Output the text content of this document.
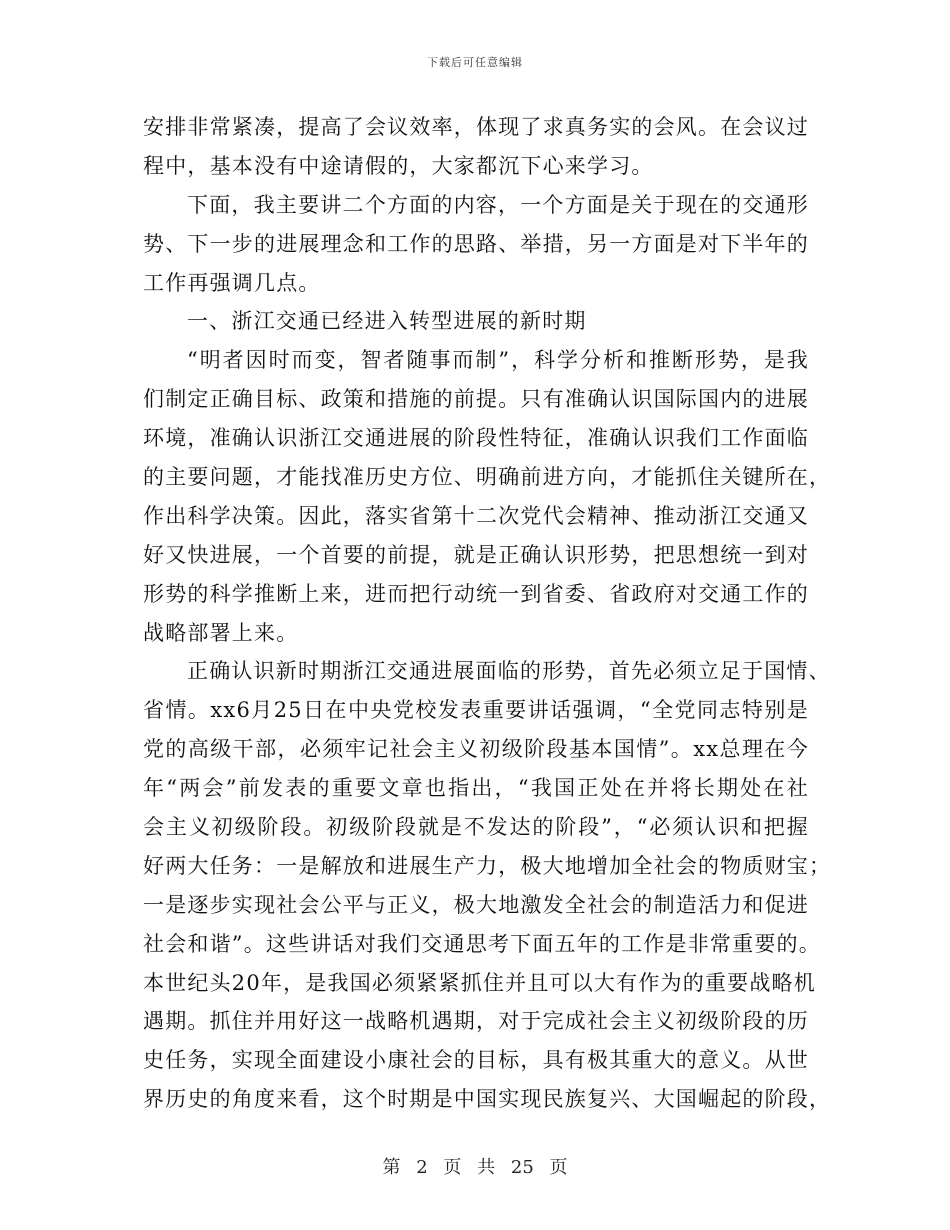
下载后可任意编辑
安排非常紧凑，提高了会议效率，体现了求真务实的会风。在会议过
程中，基本没有中途请假的，大家都沉下心来学习。
下面，我主要讲二个方面的内容，一个方面是关于现在的交通形
势、下一步的进展理念和工作的思路、举措，另一方面是对下半年的
工作再强调几点。
一、浙江交通已经进入转型进展的新时期
“明者因时而变，智者随事而制”，科学分析和推断形势，是我
们制定正确目标、政策和措施的前提。只有准确认识国际国内的进展
环境，准确认识浙江交通进展的阶段性特征，准确认识我们工作面临
的主要问题，才能找准历史方位、明确前进方向，才能抓住关键所在，
作出科学决策。因此，落实省第十二次党代会精神、推动浙江交通又
好又快进展，一个首要的前提，就是正确认识形势，把思想统一到对
形势的科学推断上来，进而把行动统一到省委、省政府对交通工作的
战略部署上来。
正确认识新时期浙江交通进展面临的形势，首先必须立足于国情、
省情。xx6月25日在中央党校发表重要讲话强调，“全党同志特别是
党的高级干部，必须牢记社会主义初级阶段基本国情”。xx总理在今
年“两会”前发表的重要文章也指出，“我国正处在并将长期处在社
会主义初级阶段。初级阶段就是不发达的阶段”，“必须认识和把握
好两大任务：一是解放和进展生产力，极大地增加全社会的物质财宝；
一是逐步实现社会公平与正义，极大地激发全社会的制造活力和促进
社会和谐”。这些讲话对我们交通思考下面五年的工作是非常重要的。
本世纪头20年，是我国必须紧紧抓住并且可以大有作为的重要战略机
遇期。抓住并用好这一战略机遇期，对于完成社会主义初级阶段的历
史任务，实现全面建设小康社会的目标，具有极其重大的意义。从世
界历史的角度来看，这个时期是中国实现民族复兴、大国崛起的阶段，
第 2 页 共 25 页
